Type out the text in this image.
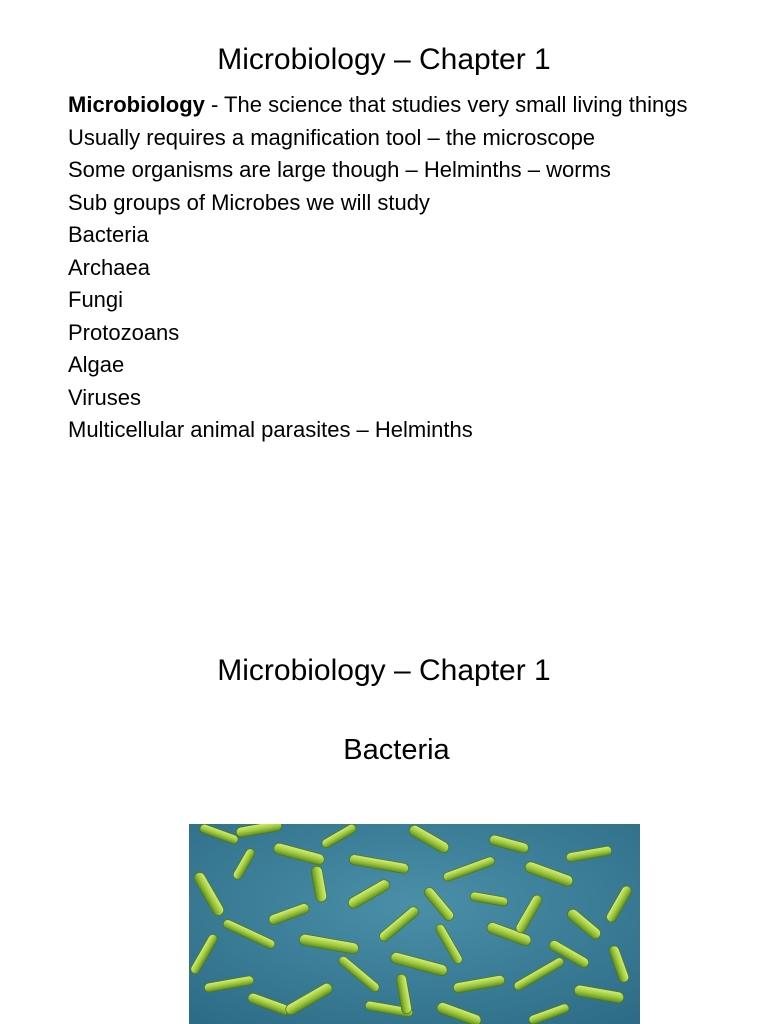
Microbiology – Chapter 1
Microbiology - The science that studies very small living things
Usually requires a magnification tool – the microscope
Some organisms are large though – Helminths – worms
Sub groups of Microbes we will study
Bacteria
Archaea
Fungi
Protozoans
Algae
Viruses
Multicellular animal parasites – Helminths
Microbiology – Chapter 1
Bacteria
